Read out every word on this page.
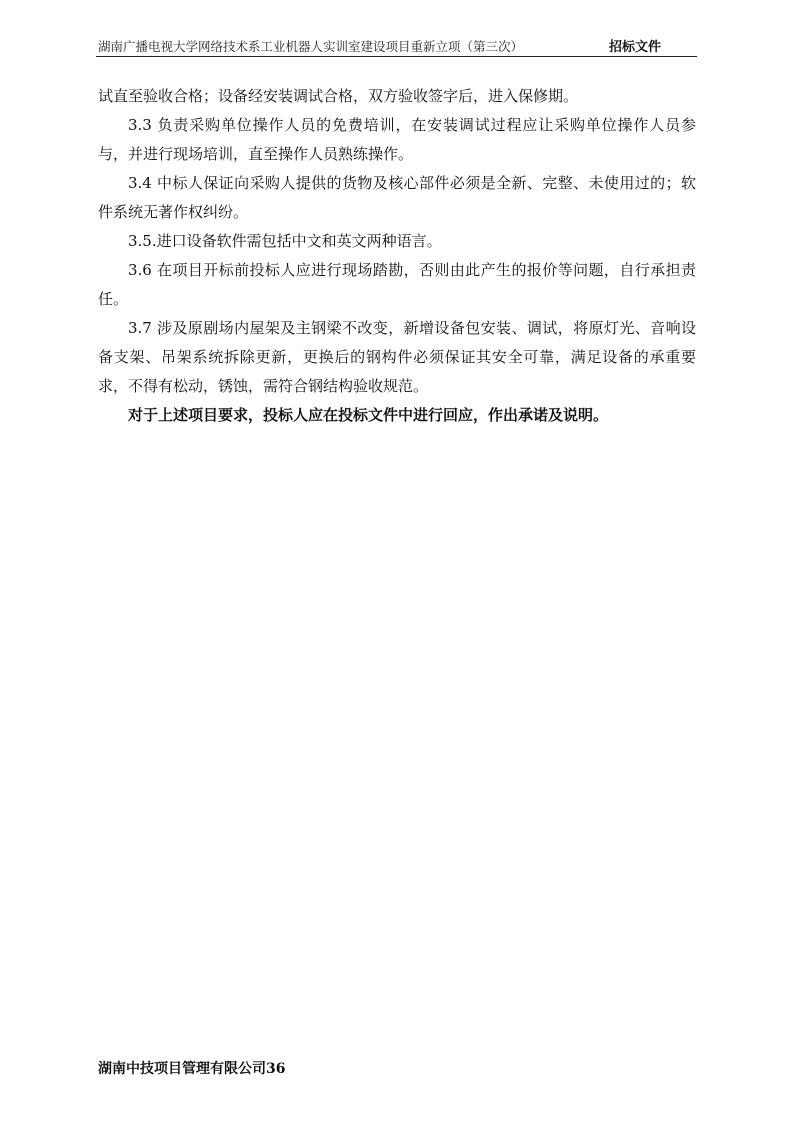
湖南广播电视大学网络技术系工业机器人实训室建设项目重新立项（第三次）	招标文件

试直至验收合格；设备经安装调试合格，双方验收签字后，进入保修期。

3.3 负责采购单位操作人员的免费培训，在安装调试过程应让采购单位操作人员参与，并进行现场培训，直至操作人员熟练操作。

3.4 中标人保证向采购人提供的货物及核心部件必须是全新、完整、未使用过的；软件系统无著作权纠纷。

3.5.进口设备软件需包括中文和英文两种语言。

3.6 在项目开标前投标人应进行现场踏勘，否则由此产生的报价等问题，自行承担责任。

3.7 涉及原剧场内屋架及主钢梁不改变，新增设备包安装、调试，将原灯光、音响设备支架、吊架系统拆除更新，更换后的钢构件必须保证其安全可靠，满足设备的承重要求，不得有松动，锈蚀，需符合钢结构验收规范。

对于上述项目要求，投标人应在投标文件中进行回应，作出承诺及说明。

湖南中技项目管理有限公司36
